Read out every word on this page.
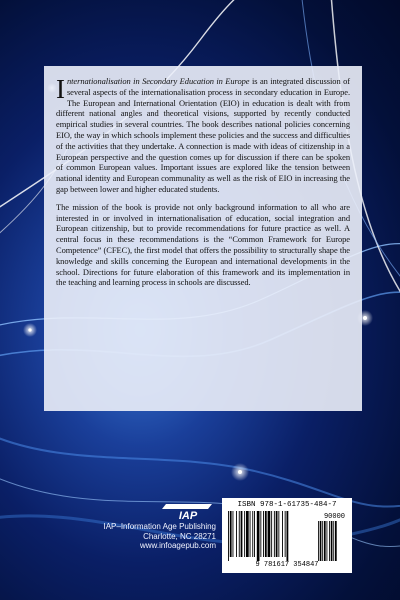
Internationalisation in Secondary Education in Europe is an integrated discussion of several aspects of the internationalisation process in secondary education in Europe. The European and International Orientation (EIO) in education is dealt with from different national angles and theoretical visions, supported by recently conducted empirical studies in several countries. The book describes national policies concerning EIO, the way in which schools implement these policies and the success and difficulties of the activities that they undertake. A connection is made with ideas of citizenship in a European perspective and the question comes up for discussion if there can be spoken of common European values. Important issues are explored like the tension between national identity and European communality as well as the risk of EIO in increasing the gap between lower and higher educated students.

The mission of the book is provide not only background information to all who are interested in or involved in internationalisation of education, social integration and European citizenship, but to provide recommendations for future practice as well. A central focus in these recommendations is the “Common Framework for Europe Competence” (CFEC), the first model that offers the possibility to structurally shape the knowledge and skills concerning the European and international developments in the school. Directions for future elaboration of this framework and its implementation in the teaching and learning process in schools are discussed.

IAP
IAP–Information Age Publishing
Charlotte, NC 28271
www.infoagepub.com
ISBN 978-1-61735-484-7
90000
9 781617 354847
